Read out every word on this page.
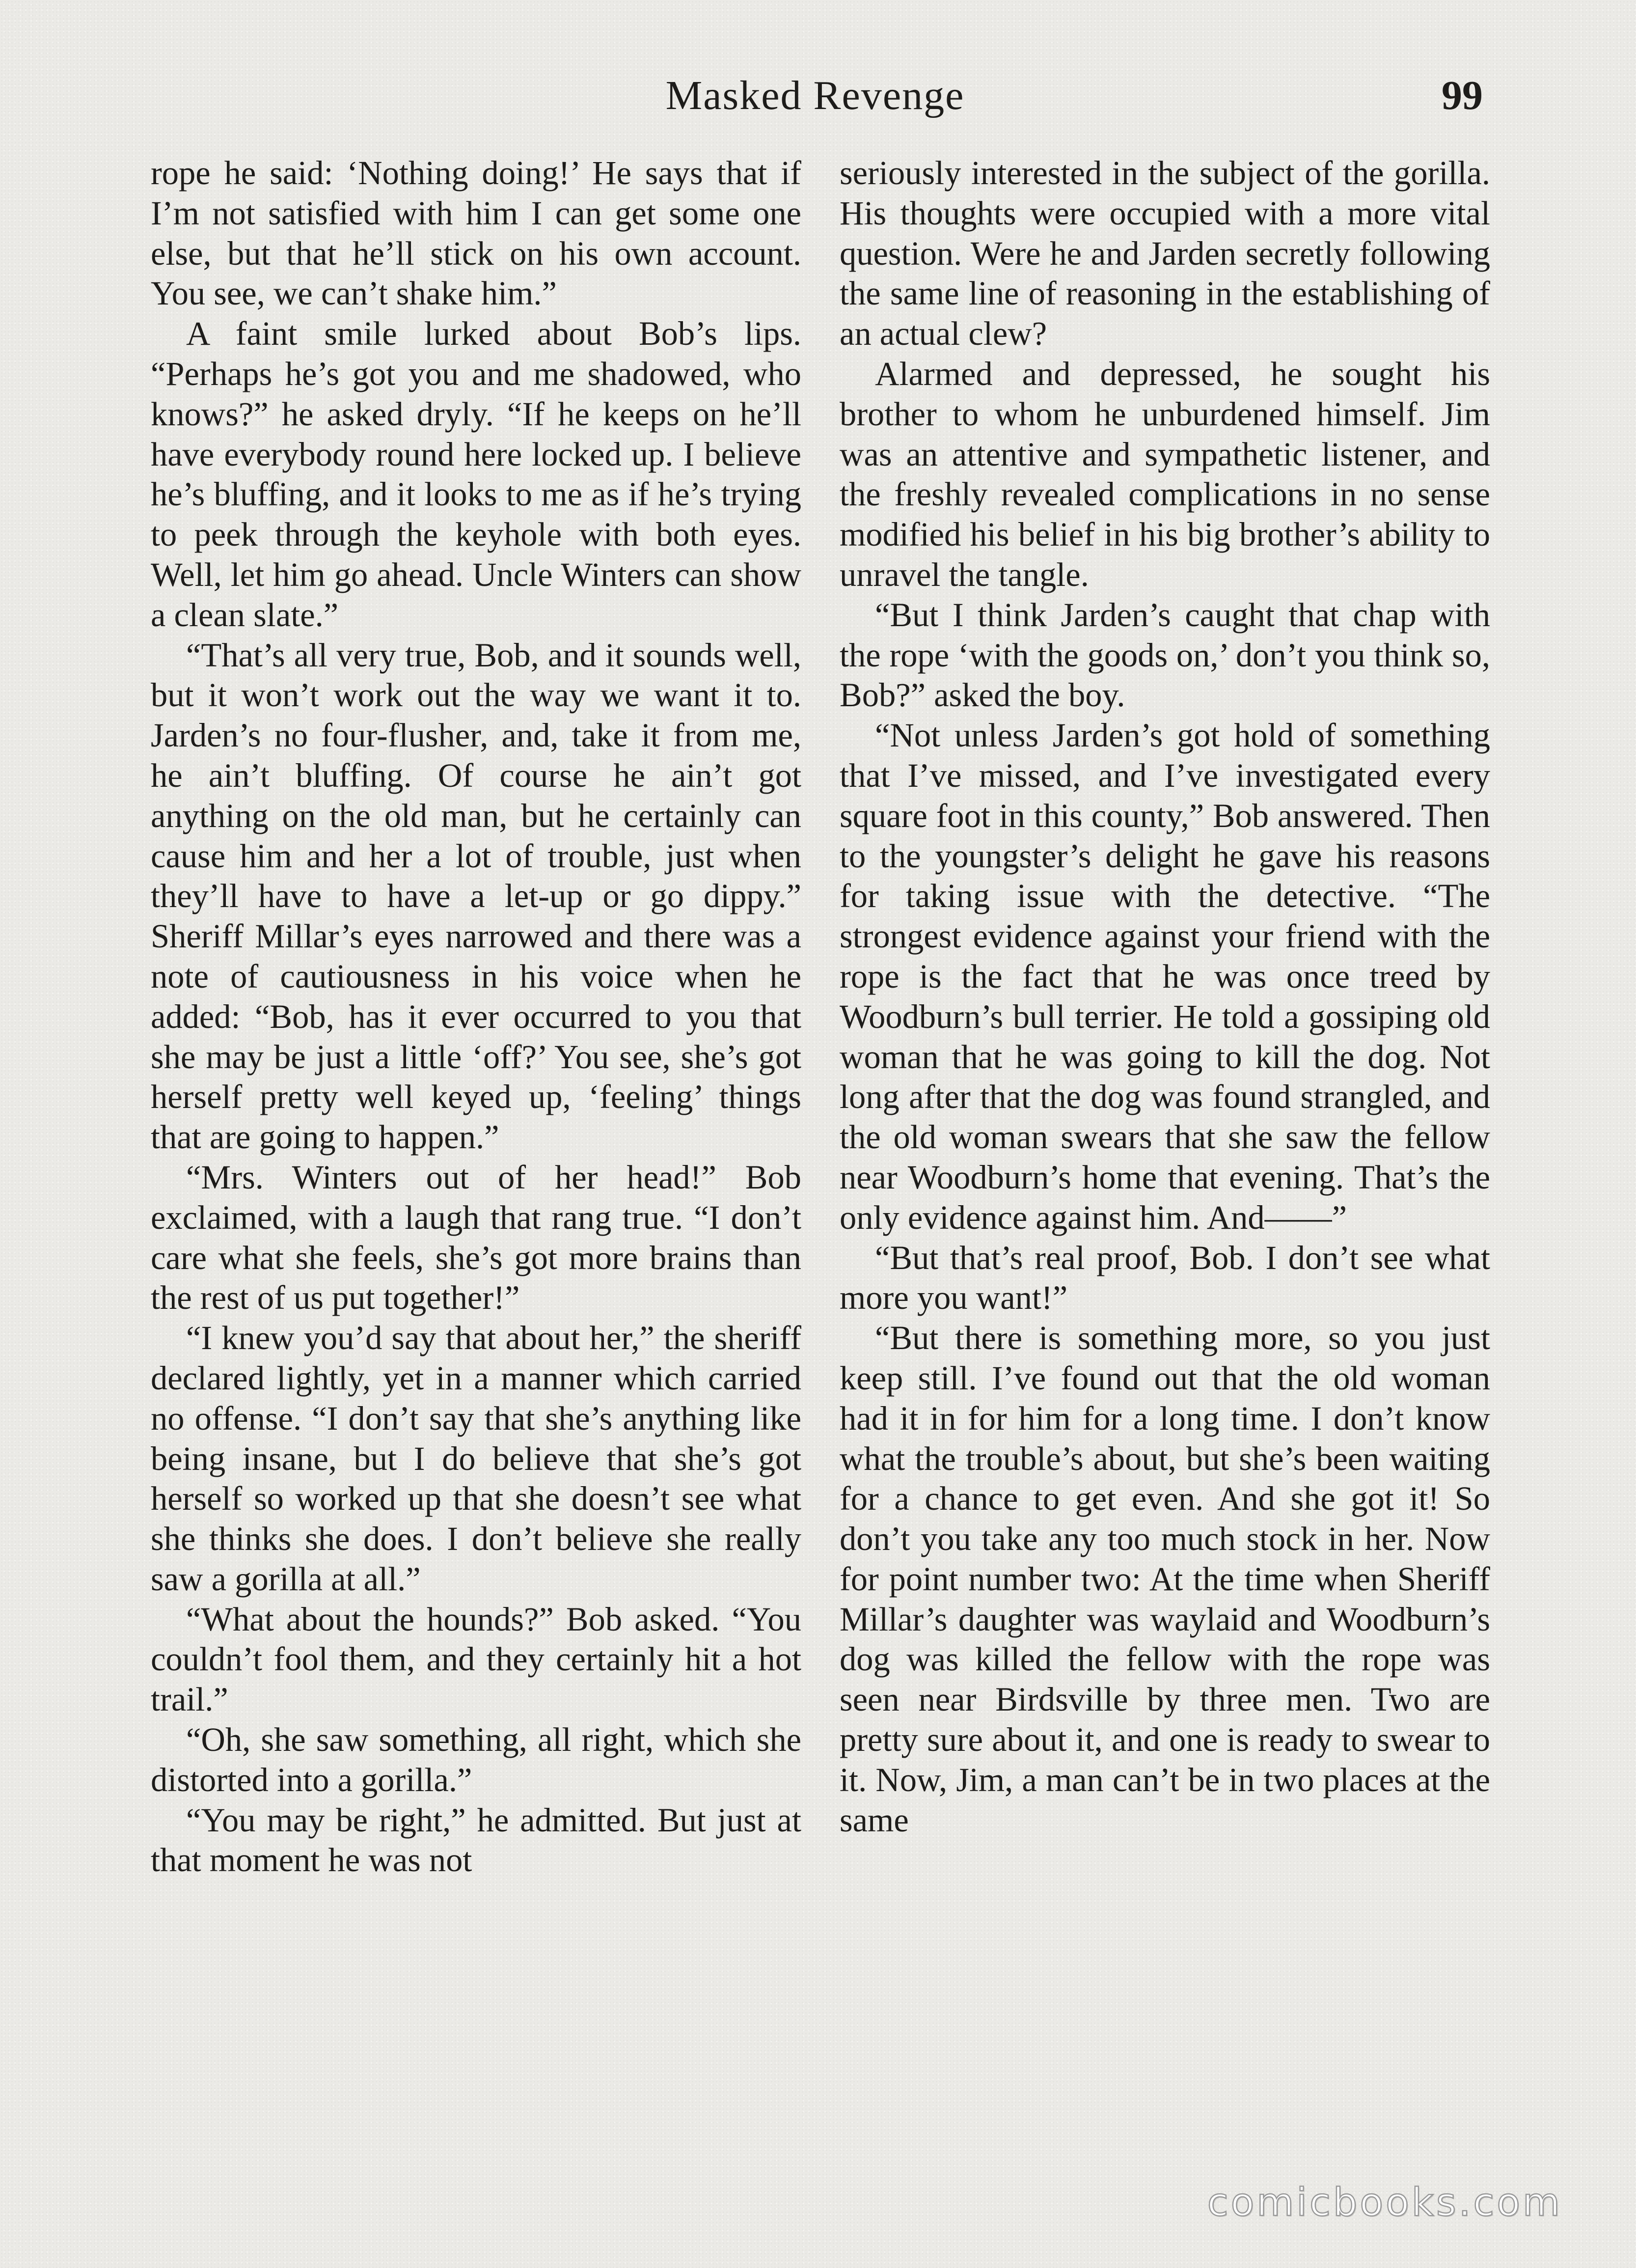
Masked Revenge	99

rope he said: ‘Nothing doing!’ He says that if I’m not satisfied with him I can get some one else, but that he’ll stick on his own account. You see, we can’t shake him.”

A faint smile lurked about Bob’s lips. “Perhaps he’s got you and me shadowed, who knows?” he asked dryly. “If he keeps on he’ll have everybody round here locked up. I believe he’s bluffing, and it looks to me as if he’s trying to peek through the keyhole with both eyes. Well, let him go ahead. Uncle Winters can show a clean slate.”

“That’s all very true, Bob, and it sounds well, but it won’t work out the way we want it to. Jarden’s no four-flusher, and, take it from me, he ain’t bluffing. Of course he ain’t got anything on the old man, but he certainly can cause him and her a lot of trouble, just when they’ll have to have a let-up or go dippy.” Sheriff Millar’s eyes narrowed and there was a note of cautiousness in his voice when he added: “Bob, has it ever occurred to you that she may be just a little ‘off?’ You see, she’s got herself pretty well keyed up, ‘feeling’ things that are going to happen.”

“Mrs. Winters out of her head!” Bob exclaimed, with a laugh that rang true. “I don’t care what she feels, she’s got more brains than the rest of us put together!”

“I knew you’d say that about her,” the sheriff declared lightly, yet in a manner which carried no offense. “I don’t say that she’s anything like being insane, but I do believe that she’s got herself so worked up that she doesn’t see what she thinks she does. I don’t believe she really saw a gorilla at all.”

“What about the hounds?” Bob asked. “You couldn’t fool them, and they certainly hit a hot trail.”

“Oh, she saw something, all right, which she distorted into a gorilla.”

“You may be right,” he admitted. But just at that moment he was not

seriously interested in the subject of the gorilla. His thoughts were occupied with a more vital question. Were he and Jarden secretly following the same line of reasoning in the establishing of an actual clew?

Alarmed and depressed, he sought his brother to whom he unburdened himself. Jim was an attentive and sympathetic listener, and the freshly revealed complications in no sense modified his belief in his big brother’s ability to unravel the tangle.

“But I think Jarden’s caught that chap with the rope ‘with the goods on,’ don’t you think so, Bob?” asked the boy.

“Not unless Jarden’s got hold of something that I’ve missed, and I’ve investigated every square foot in this county,” Bob answered. Then to the youngster’s delight he gave his reasons for taking issue with the detective. “The strongest evidence against your friend with the rope is the fact that he was once treed by Woodburn’s bull terrier. He told a gossiping old woman that he was going to kill the dog. Not long after that the dog was found strangled, and the old woman swears that she saw the fellow near Woodburn’s home that evening. That’s the only evidence against him. And——”

“But that’s real proof, Bob. I don’t see what more you want!”

“But there is something more, so you just keep still. I’ve found out that the old woman had it in for him for a long time. I don’t know what the trouble’s about, but she’s been waiting for a chance to get even. And she got it! So don’t you take any too much stock in her. Now for point number two: At the time when Sheriff Millar’s daughter was waylaid and Woodburn’s dog was killed the fellow with the rope was seen near Birdsville by three men. Two are pretty sure about it, and one is ready to swear to it. Now, Jim, a man can’t be in two places at the same

comicbooks.com
